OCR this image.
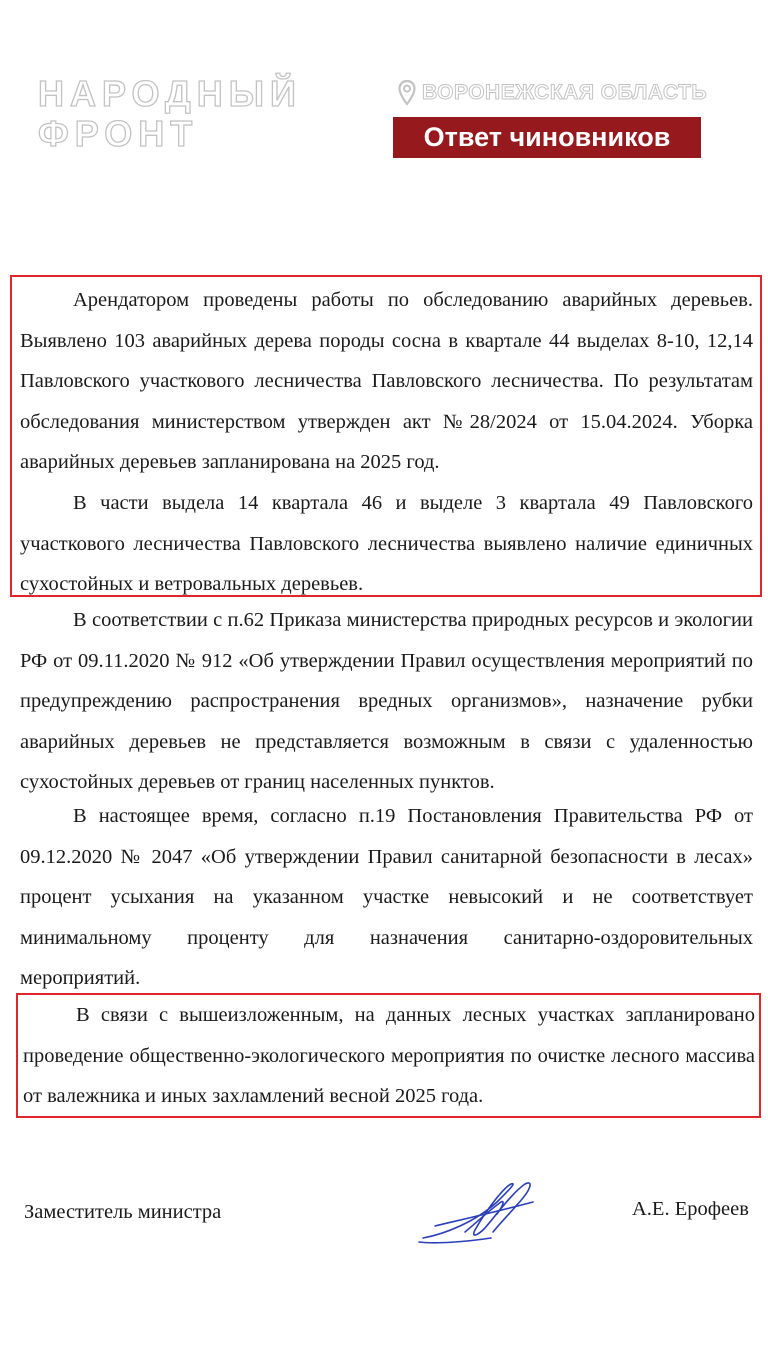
НАРОДНЫЙ
ФРОНТ
ВОРОНЕЖСКАЯ ОБЛАСТЬ
Ответ чиновников

Арендатором проведены работы по обследованию аварийных деревьев. Выявлено 103 аварийных дерева породы сосна в квартале 44 выделах 8-10, 12,14 Павловского участкового лесничества Павловского лесничества. По результатам обследования министерством утвержден акт №28/2024 от 15.04.2024. Уборка аварийных деревьев запланирована на 2025 год.

В части выдела 14 квартала 46 и выделе 3 квартала 49 Павловского участкового лесничества Павловского лесничества выявлено наличие единичных сухостойных и ветровальных деревьев.

В соответствии с п.62 Приказа министерства природных ресурсов и экологии РФ от 09.11.2020 № 912 «Об утверждении Правил осуществления мероприятий по предупреждению распространения вредных организмов», назначение рубки аварийных деревьев не представляется возможным в связи с удаленностью сухостойных деревьев от границ населенных пунктов.

В настоящее время, согласно п.19 Постановления Правительства РФ от 09.12.2020 № 2047 «Об утверждении Правил санитарной безопасности в лесах» процент усыхания на указанном участке невысокий и не соответствует минимальному проценту для назначения санитарно-оздоровительных мероприятий.

В связи с вышеизложенным, на данных лесных участках запланировано проведение общественно-экологического мероприятия по очистке лесного массива от валежника и иных захламлений весной 2025 года.

Заместитель министра	А.Е. Ерофеев
